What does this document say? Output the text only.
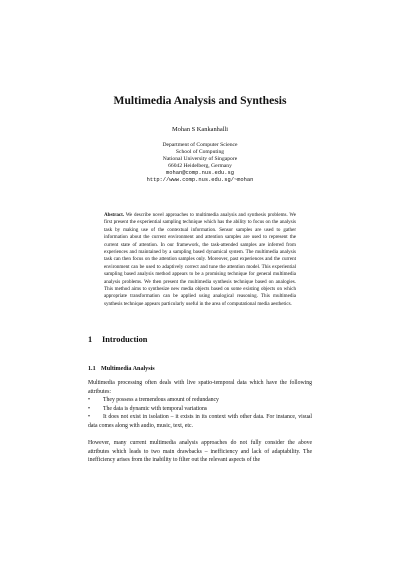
Multimedia Analysis and Synthesis
Mohan S Kankanhalli
Department of Computer Science
School of Computing
National University of Singapore
66042 Heidelberg, Germany
mohan@comp.nus.edu.sg
http://www.comp.nus.edu.sg/~mohan

Abstract. We describe novel approaches to multimedia analysis and synthesis problems. We first present the experiential sampling technique which has the ability to focus on the analysis task by making use of the contextual information. Sensor samples are used to gather information about the current environment and attention samples are used to represent the current state of attention. In our framework, the task-attended samples are inferred from experiences and maintained by a sampling based dynamical system. The multimedia analysis task can then focus on the attention samples only. Moreover, past experiences and the current environment can be used to adaptively correct and tune the attention model. This experiential sampling based analysis method appears to be a promising technique for general multimedia analysis problems. We then present the multimedia synthesis technique based on analogies. This method aims to synthesize new media objects based on some existing objects on which appropriate transformation can be applied using analogical reasoning. This multimedia synthesis technique appears particularly useful in the area of computational media aesthetics.

1 Introduction
1.1 Multimedia Analysis
Multimedia processing often deals with live spatio-temporal data which have the following attributes:
•	They possess a tremendous amount of redundancy
•	The data is dynamic with temporal variations
•	It does not exist in isolation – it exists in its context with other data. For instance, visual data comes along with audio, music, text, etc.
However, many current multimedia analysis approaches do not fully consider the above attributes which leads to two main drawbacks – inefficiency and lack of adaptability. The inefficiency arises from the inability to filter out the relevant aspects of the
